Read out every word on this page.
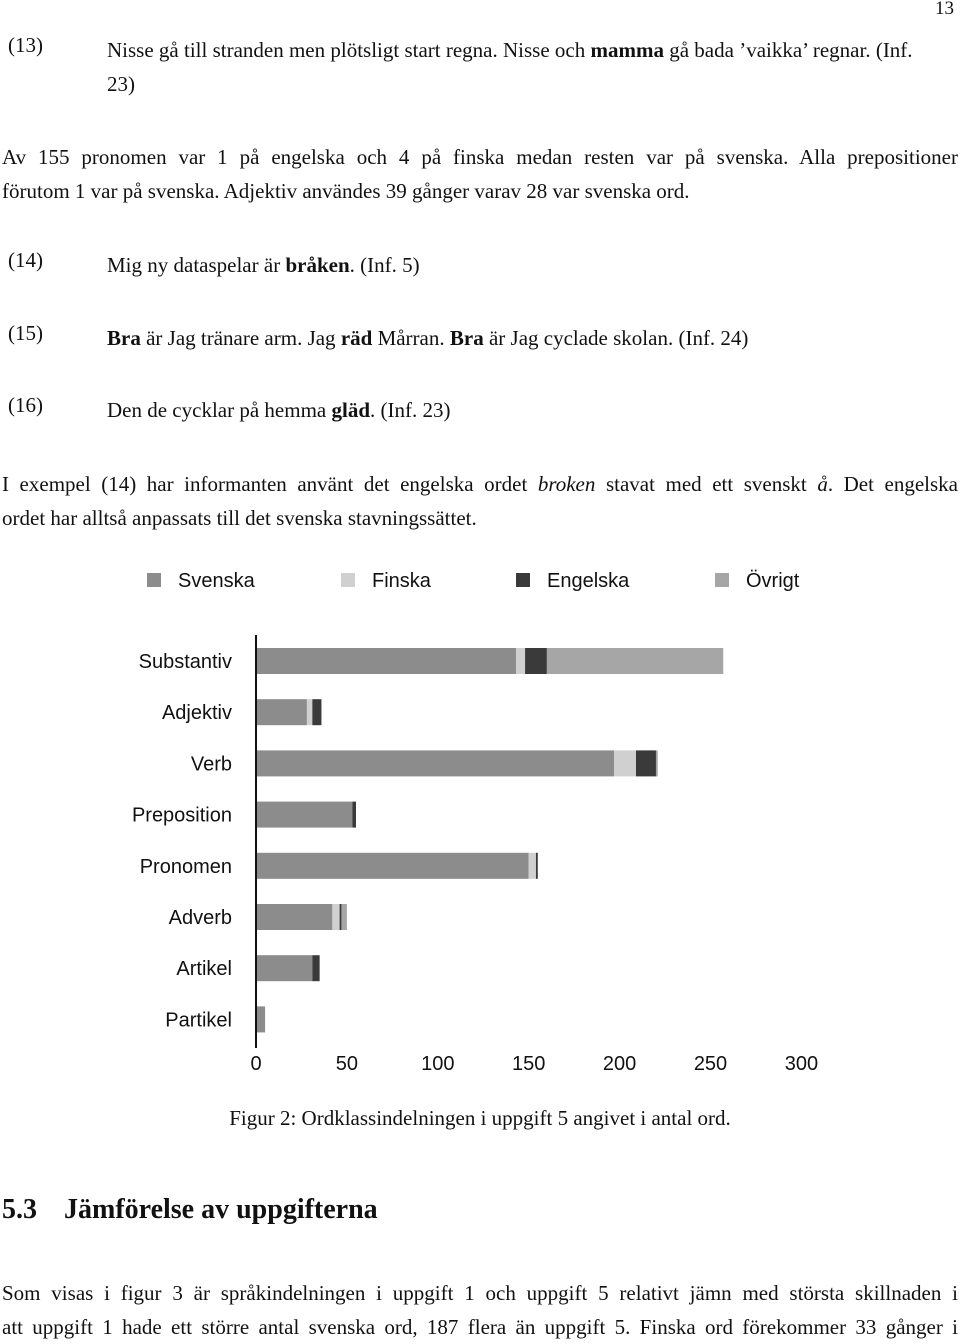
13
(13)	Nisse gå till stranden men plötsligt start regna. Nisse och mamma gå bada ’vaikka’ regnar. (Inf. 23)
Av 155 pronomen var 1 på engelska och 4 på finska medan resten var på svenska. Alla prepositioner
förutom 1 var på svenska. Adjektiv användes 39 gånger varav 28 var svenska ord.
(14)	Mig ny dataspelar är bråken. (Inf. 5)
(15)	Bra är Jag tränare arm. Jag räd Mårran. Bra är Jag cyclade skolan. (Inf. 24)
(16)	Den de cycklar på hemma gläd. (Inf. 23)
I exempel (14) har informanten använt det engelska ordet broken stavat med ett svenskt å. Det engelska
ordet har alltså anpassats till det svenska stavningssättet.
Svenska	Finska	Engelska	Övrigt
Substantiv
Adjektiv
Verb
Preposition
Pronomen
Adverb
Artikel
Partikel
0	50	100	150	200	250	300
Figur 2: Ordklassindelningen i uppgift 5 angivet i antal ord.
5.3 Jämförelse av uppgifterna
Som visas i figur 3 är språkindelningen i uppgift 1 och uppgift 5 relativt jämn med största skillnaden i
att uppgift 1 hade ett större antal svenska ord, 187 flera än uppgift 5. Finska ord förekommer 33 gånger i
